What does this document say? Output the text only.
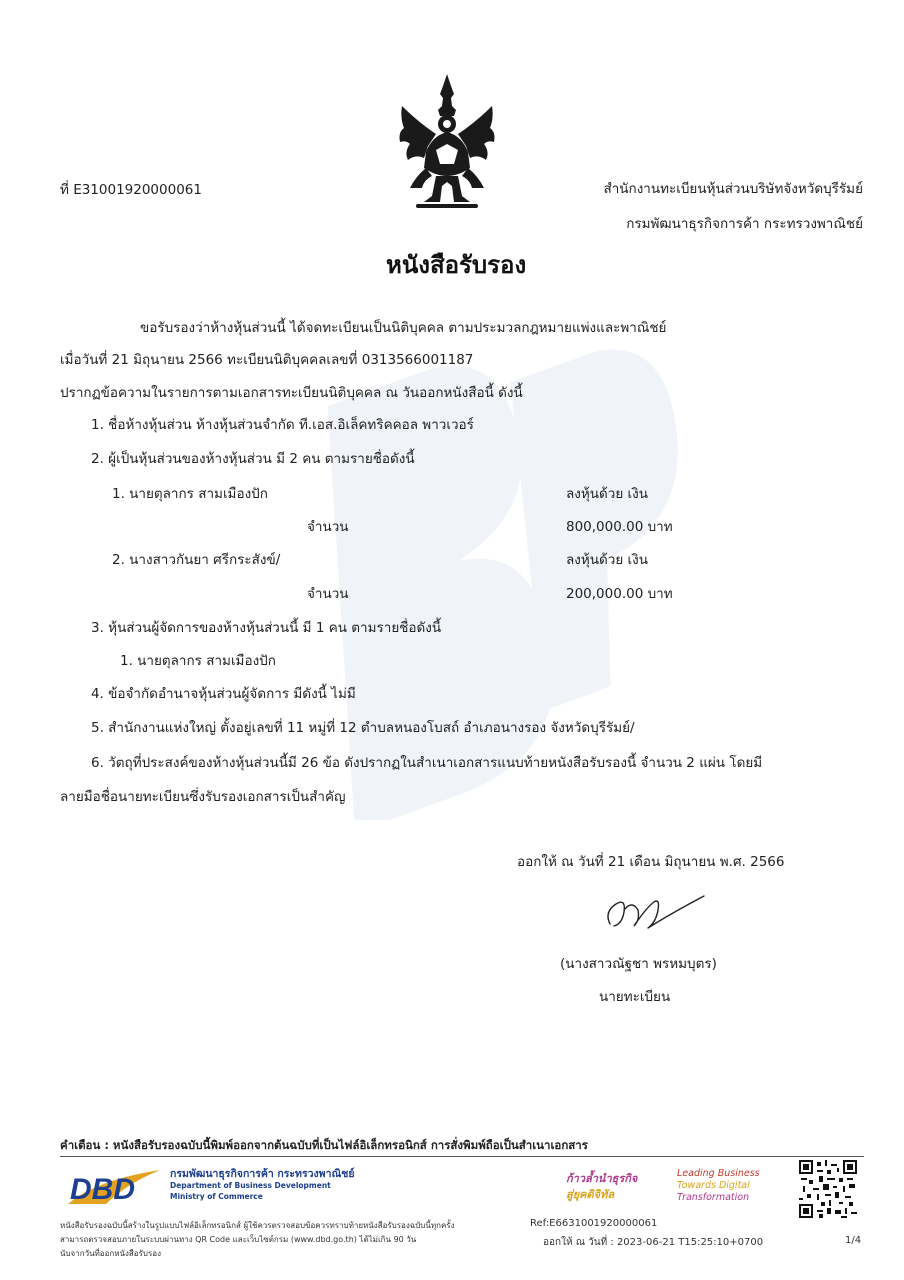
ที่ E31001920000061	สำนักงานทะเบียนหุ้นส่วนบริษัทจังหวัดบุรีรัมย์
กรมพัฒนาธุรกิจการค้า กระทรวงพาณิชย์
หนังสือรับรอง
ขอรับรองว่าห้างหุ้นส่วนนี้ ได้จดทะเบียนเป็นนิติบุคคล ตามประมวลกฎหมายแพ่งและพาณิชย์
เมื่อวันที่ 21 มิถุนายน 2566 ทะเบียนนิติบุคคลเลขที่ 0313566001187
ปรากฏข้อความในรายการตามเอกสารทะเบียนนิติบุคคล ณ วันออกหนังสือนี้ ดังนี้
1. ชื่อห้างหุ้นส่วน ห้างหุ้นส่วนจำกัด ที.เอส.อิเล็คทริคคอล พาวเวอร์
2. ผู้เป็นหุ้นส่วนของห้างหุ้นส่วน มี 2 คน ตามรายชื่อดังนี้
1. นายตุลากร สามเมืองปัก	ลงหุ้นด้วย เงิน
จำนวน	800,000.00 บาท
2. นางสาวกันยา ศรีกระสังข์/	ลงหุ้นด้วย เงิน
จำนวน	200,000.00 บาท
3. หุ้นส่วนผู้จัดการของห้างหุ้นส่วนนี้ มี 1 คน ตามรายชื่อดังนี้
1. นายตุลากร สามเมืองปัก
4. ข้อจำกัดอำนาจหุ้นส่วนผู้จัดการ มีดังนี้ ไม่มี
5. สำนักงานแห่งใหญ่ ตั้งอยู่เลขที่ 11 หมู่ที่ 12 ตำบลหนองโบสถ์ อำเภอนางรอง จังหวัดบุรีรัมย์/
6. วัตถุที่ประสงค์ของห้างหุ้นส่วนนี้มี 26 ข้อ ดังปรากฏในสำเนาเอกสารแนบท้ายหนังสือรับรองนี้ จำนวน 2 แผ่น โดยมี
ลายมือชื่อนายทะเบียนซึ่งรับรองเอกสารเป็นสำคัญ
ออกให้ ณ วันที่ 21 เดือน มิถุนายน พ.ศ. 2566
(นางสาวณัฐชา พรหมบุตร)
นายทะเบียน
คำเตือน : หนังสือรับรองฉบับนี้พิมพ์ออกจากต้นฉบับที่เป็นไฟล์อิเล็กทรอนิกส์ การสั่งพิมพ์ถือเป็นสำเนาเอกสาร
DBD	กรมพัฒนาธุรกิจการค้า กระทรวงพาณิชย์
Department of Business Development
Ministry of Commerce
ก้าวล้ำนำธุรกิจ
สู่ยุคดิจิทัล
Leading Business
Towards Digital
Transformation
หนังสือรับรองฉบับนี้สร้างในรูปแบบไฟล์อิเล็กทรอนิกส์ ผู้ใช้ควรตรวจสอบข้อควรทราบท้ายหนังสือรับรองฉบับนี้ทุกครั้ง
สามารถตรวจสอบภายในระบบผ่านทาง QR Code และเว็บไซต์กรม (www.dbd.go.th) ได้ไม่เกิน 90 วัน
นับจากวันที่ออกหนังสือรับรอง
Ref:E6631001920000061
ออกให้ ณ วันที่ : 2023-06-21 T15:25:10+0700	1/4
